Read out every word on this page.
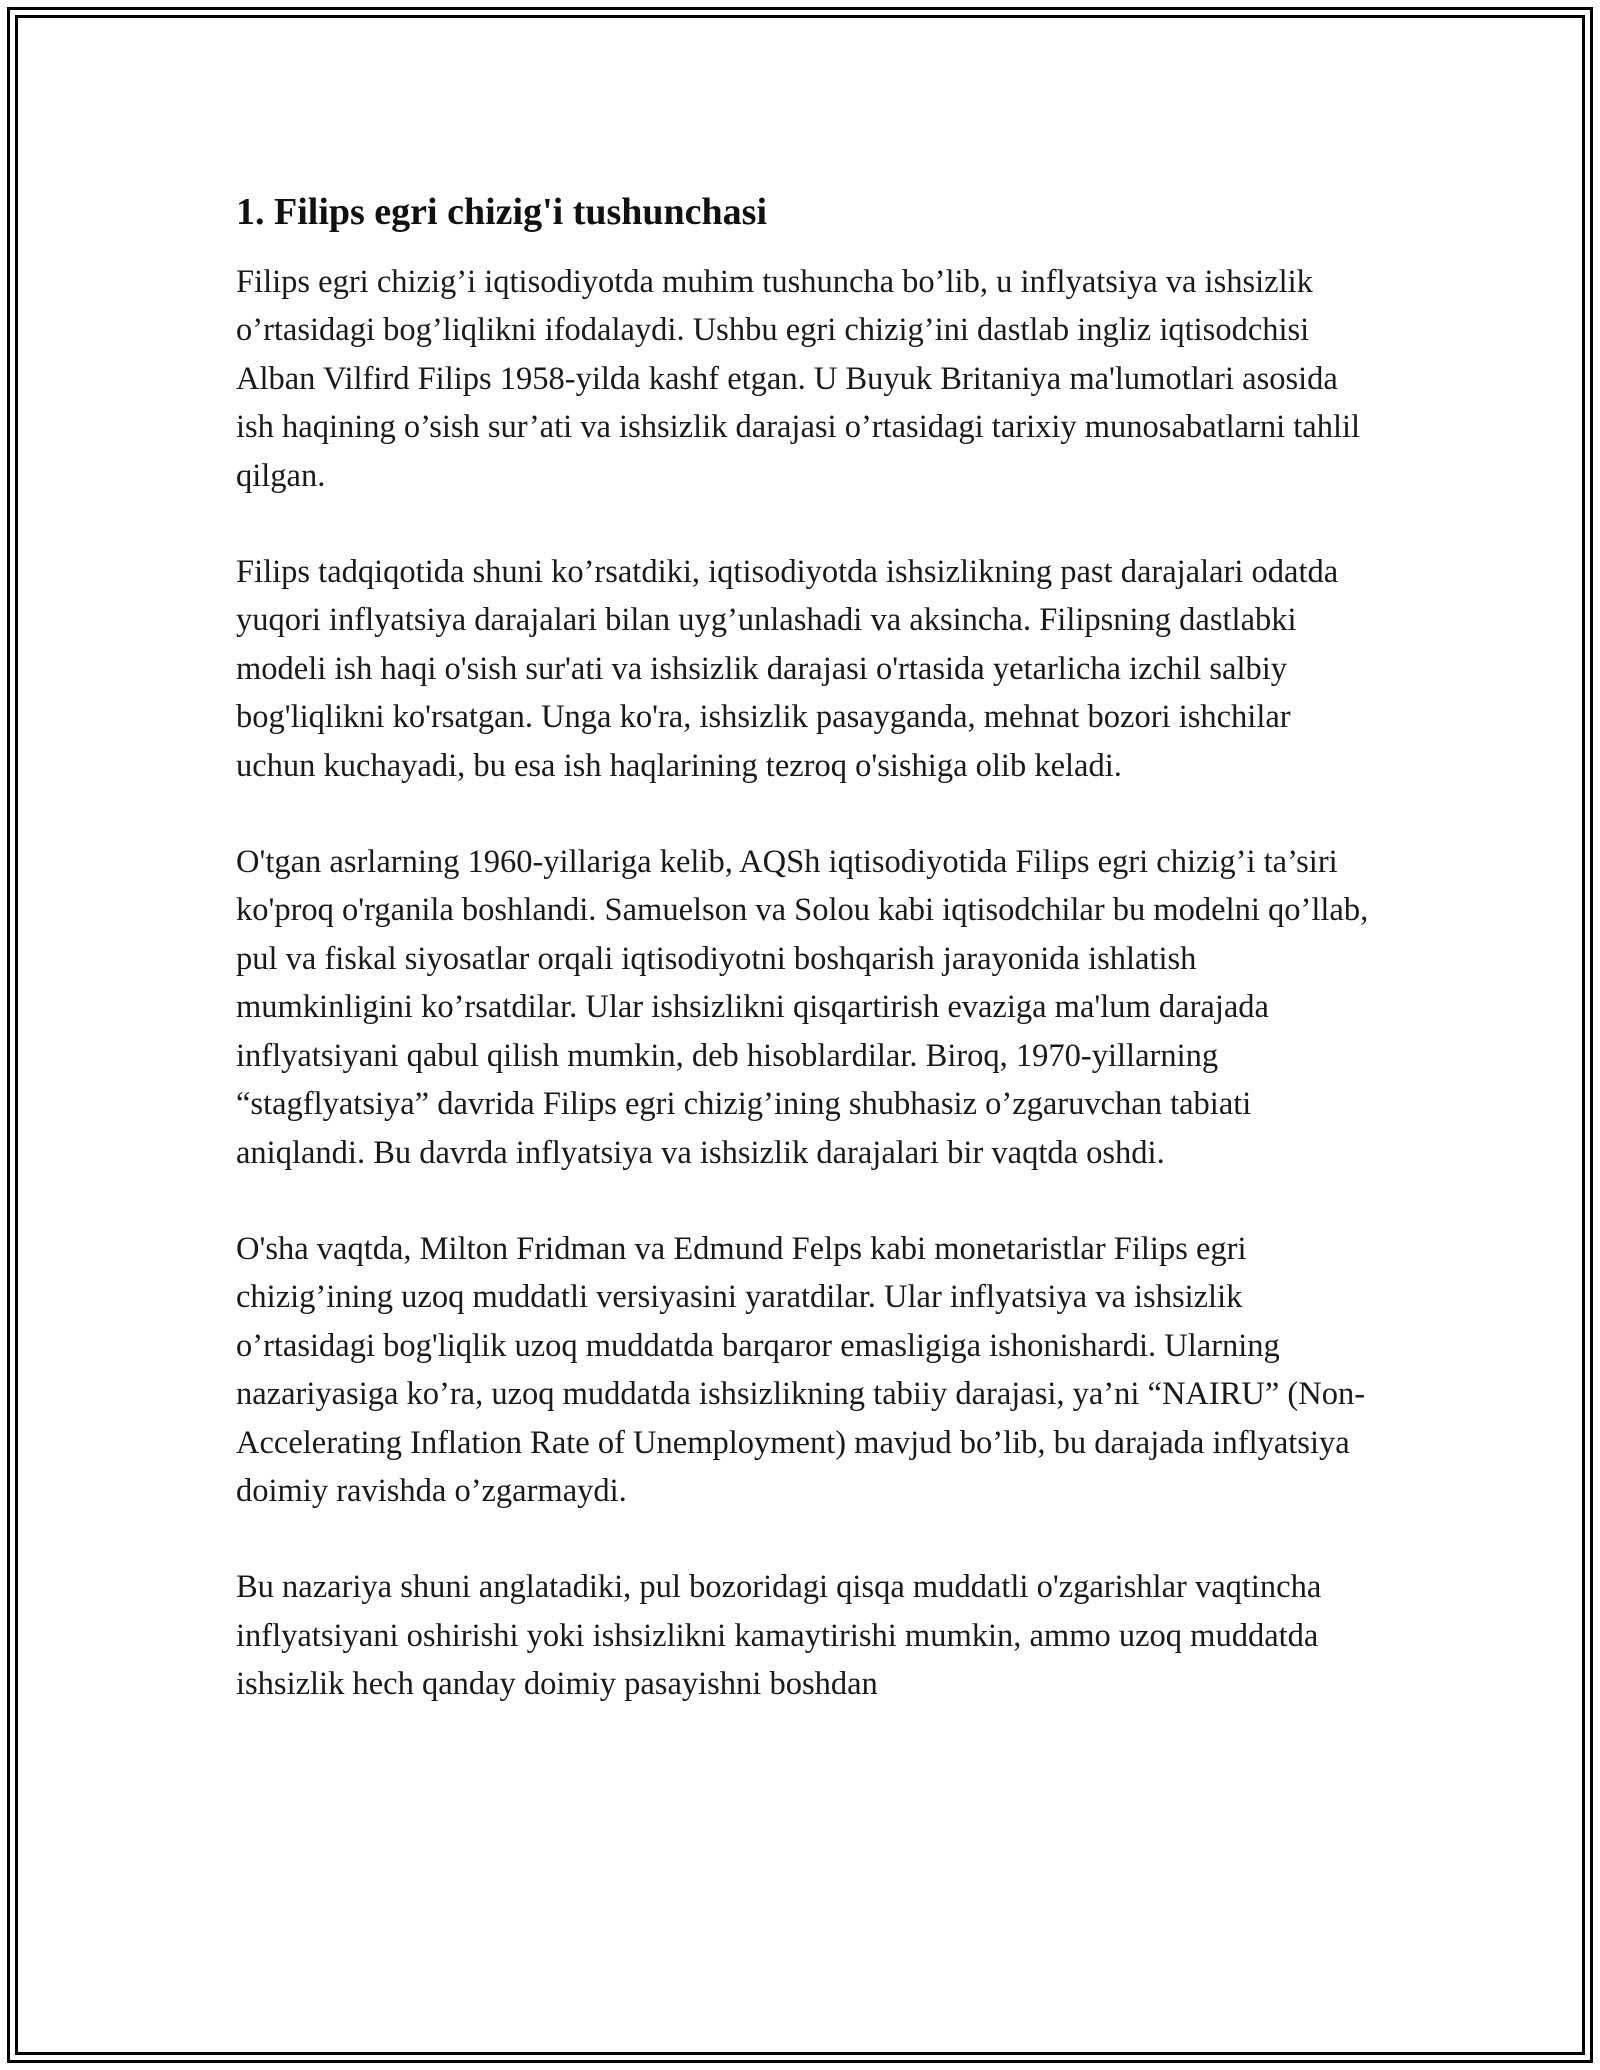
1. Filips egri chizig'i tushunchasi

Filips egri chizig’i iqtisodiyotda muhim tushuncha bo’lib, u inflyatsiya va ishsizlik o’rtasidagi bog’liqlikni ifodalaydi. Ushbu egri chizig’ini dastlab ingliz iqtisodchisi Alban Vilfird Filips 1958-yilda kashf etgan. U Buyuk Britaniya ma'lumotlari asosida ish haqining o’sish sur’ati va ishsizlik darajasi o’rtasidagi tarixiy munosabatlarni tahlil qilgan.

Filips tadqiqotida shuni ko’rsatdiki, iqtisodiyotda ishsizlikning past darajalari odatda yuqori inflyatsiya darajalari bilan uyg’unlashadi va aksincha. Filipsning dastlabki modeli ish haqi o'sish sur'ati va ishsizlik darajasi o'rtasida yetarlicha izchil salbiy bog'liqlikni ko'rsatgan. Unga ko'ra, ishsizlik pasayganda, mehnat bozori ishchilar uchun kuchayadi, bu esa ish haqlarining tezroq o'sishiga olib keladi.

O'tgan asrlarning 1960-yillariga kelib, AQSh iqtisodiyotida Filips egri chizig’i ta’siri ko'proq o'rganila boshlandi. Samuelson va Solou kabi iqtisodchilar bu modelni qo’llab, pul va fiskal siyosatlar orqali iqtisodiyotni boshqarish jarayonida ishlatish mumkinligini ko’rsatdilar. Ular ishsizlikni qisqartirish evaziga ma'lum darajada inflyatsiyani qabul qilish mumkin, deb hisoblardilar. Biroq, 1970-yillarning “stagflyatsiya” davrida Filips egri chizig’ining shubhasiz o’zgaruvchan tabiati aniqlandi. Bu davrda inflyatsiya va ishsizlik darajalari bir vaqtda oshdi.

O'sha vaqtda, Milton Fridman va Edmund Felps kabi monetaristlar Filips egri chizig’ining uzoq muddatli versiyasini yaratdilar. Ular inflyatsiya va ishsizlik o’rtasidagi bog'liqlik uzoq muddatda barqaror emasligiga ishonishardi. Ularning nazariyasiga ko’ra, uzoq muddatda ishsizlikning tabiiy darajasi, ya’ni “NAIRU” (Non-Accelerating Inflation Rate of Unemployment) mavjud bo’lib, bu darajada inflyatsiya doimiy ravishda o’zgarmaydi.

Bu nazariya shuni anglatadiki, pul bozoridagi qisqa muddatli o'zgarishlar vaqtincha inflyatsiyani oshirishi yoki ishsizlikni kamaytirishi mumkin, ammo uzoq muddatda ishsizlik hech qanday doimiy pasayishni boshdan
